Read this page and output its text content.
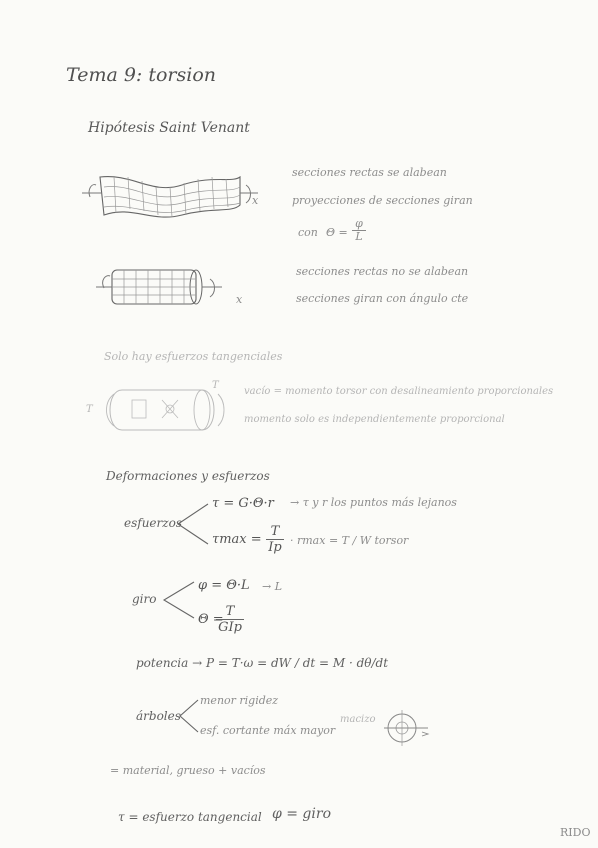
Tema 9: torsion
Hipótesis Saint Venant
x
secciones rectas se alabean
proyecciones de secciones giran
con $\Theta = \frac{\varphi}{L}$
x
secciones rectas no se alabean
secciones giran con ángulo cte
Solo hay esfuerzos tangenciales
T
T
vacío = momento torsor con desalineamiento proporcionales
momento solo es independientemente proporcional
Deformaciones y esfuerzos
esfuerzos
τ = G·Θ·r → τ y r los puntos más lejanos
$\tau\max = \frac{T}{Ip} \cdot rmax = T / W$ torsor
giro
φ = Θ·L → L
Θ =
T
GIp
potencia → P = T·ω = dW / dt = M · dθ/dt
árboles
menor rigidez
esf. cortante máx mayor
macizo
= material, grueso + vacíos
τ = esfuerzo tangencial φ = giro
RIDO
